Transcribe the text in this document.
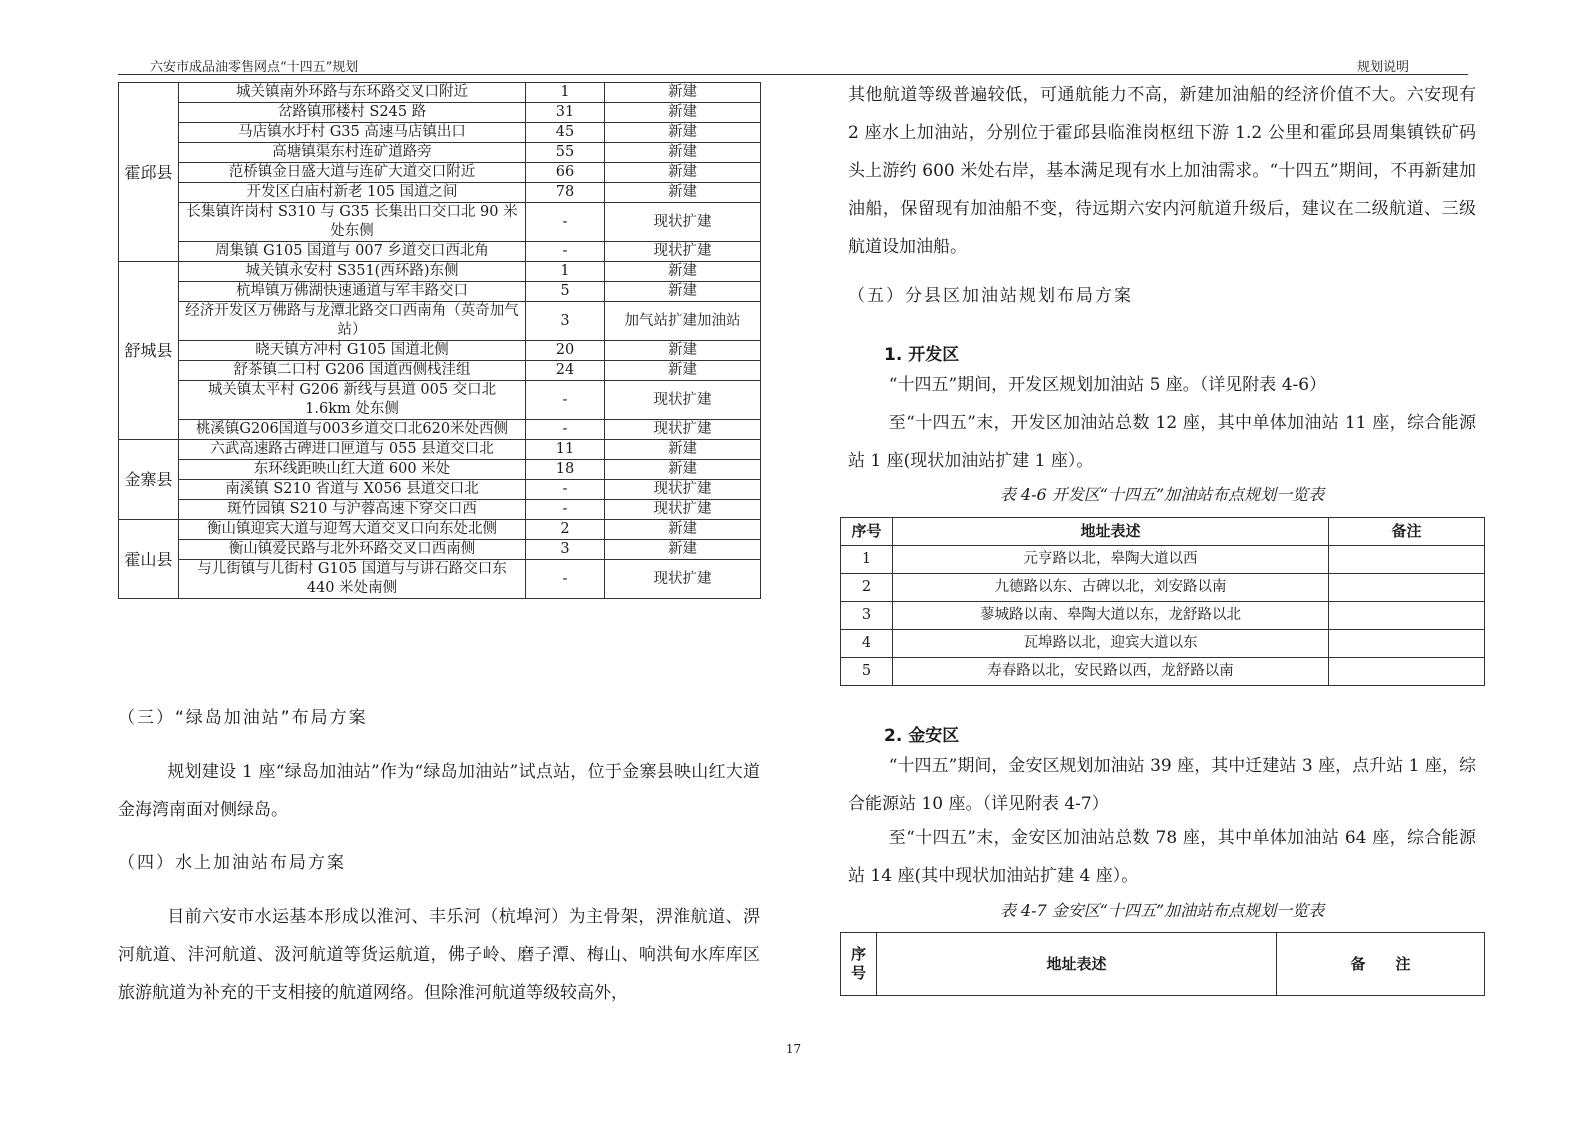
六安市成品油零售网点“十四五”规划	规划说明
霍邱县	城关镇南外环路与东环路交叉口附近	1	新建
	岔路镇邢楼村 S245 路	31	新建
	马店镇水圩村 G35 高速马店镇出口	45	新建
	高塘镇渠东村连矿道路旁	55	新建
	范桥镇金日盛大道与连矿大道交口附近	66	新建
	开发区白庙村新老 105 国道之间	78	新建
	长集镇许岗村 S310 与 G35 长集出口交口北 90 米处东侧	-	现状扩建
	周集镇 G105 国道与 007 乡道交口西北角	-	现状扩建
舒城县	城关镇永安村 S351(西环路)东侧	1	新建
	杭埠镇万佛湖快速通道与军丰路交口	5	新建
	经济开发区万佛路与龙潭北路交口西南角（英奇加气站）	3	加气站扩建加油站
	晓天镇方冲村 G105 国道北侧	20	新建
	舒茶镇二口村 G206 国道西侧栈洼组	24	新建
	城关镇太平村 G206 新线与县道 005 交口北 1.6km 处东侧	-	现状扩建
	桃溪镇G206国道与003乡道交口北620米处西侧	-	现状扩建
金寨县	六武高速路古碑进口匣道与 055 县道交口北	11	新建
	东环线距映山红大道 600 米处	18	新建
	南溪镇 S210 省道与 X056 县道交口北	-	现状扩建
	斑竹园镇 S210 与沪蓉高速下穿交口西	-	现状扩建
霍山县	衡山镇迎宾大道与迎驾大道交叉口向东处北侧	2	新建
	衡山镇爱民路与北外环路交叉口西南侧	3	新建
	与儿街镇与儿街村 G105 国道与与讲石路交口东 440 米处南侧	-	现状扩建
（三）“绿岛加油站”布局方案
规划建设 1 座“绿岛加油站”作为“绿岛加油站”试点站，位于金寨县映山红大道金海湾南面对侧绿岛。
（四）水上加油站布局方案
目前六安市水运基本形成以淮河、丰乐河（杭埠河）为主骨架，淠淮航道、淠河航道、沣河航道、汲河航道等货运航道，佛子岭、磨子潭、梅山、响洪甸水库库区旅游航道为补充的干支相接的航道网络。但除淮河航道等级较高外，
其他航道等级普遍较低，可通航能力不高，新建加油船的经济价值不大。六安现有 2 座水上加油站，分别位于霍邱县临淮岗枢纽下游 1.2 公里和霍邱县周集镇铁矿码头上游约 600 米处右岸，基本满足现有水上加油需求。“十四五”期间，不再新建加油船，保留现有加油船不变，待远期六安内河航道升级后，建议在二级航道、三级航道设加油船。
（五）分县区加油站规划布局方案
1. 开发区
“十四五”期间，开发区规划加油站 5 座。（详见附表 4-6）
至“十四五”末，开发区加油站总数 12 座，其中单体加油站 11 座，综合能源站 1 座(现状加油站扩建 1 座）。
表 4-6 开发区“十四五”加油站布点规划一览表
序号	地址表述	备注
1	元亨路以北，皋陶大道以西	
2	九德路以东、古碑以北，刘安路以南	
3	蓼城路以南、皋陶大道以东，龙舒路以北	
4	瓦埠路以北，迎宾大道以东	
5	寿春路以北，安民路以西，龙舒路以南	
2. 金安区
“十四五”期间，金安区规划加油站 39 座，其中迁建站 3 座，点升站 1 座，综合能源站 10 座。（详见附表 4-7）
至“十四五”末，金安区加油站总数 78 座，其中单体加油站 64 座，综合能源站 14 座(其中现状加油站扩建 4 座）。
表 4-7 金安区“十四五”加油站布点规划一览表
序号	地址表述	备　　注
17
